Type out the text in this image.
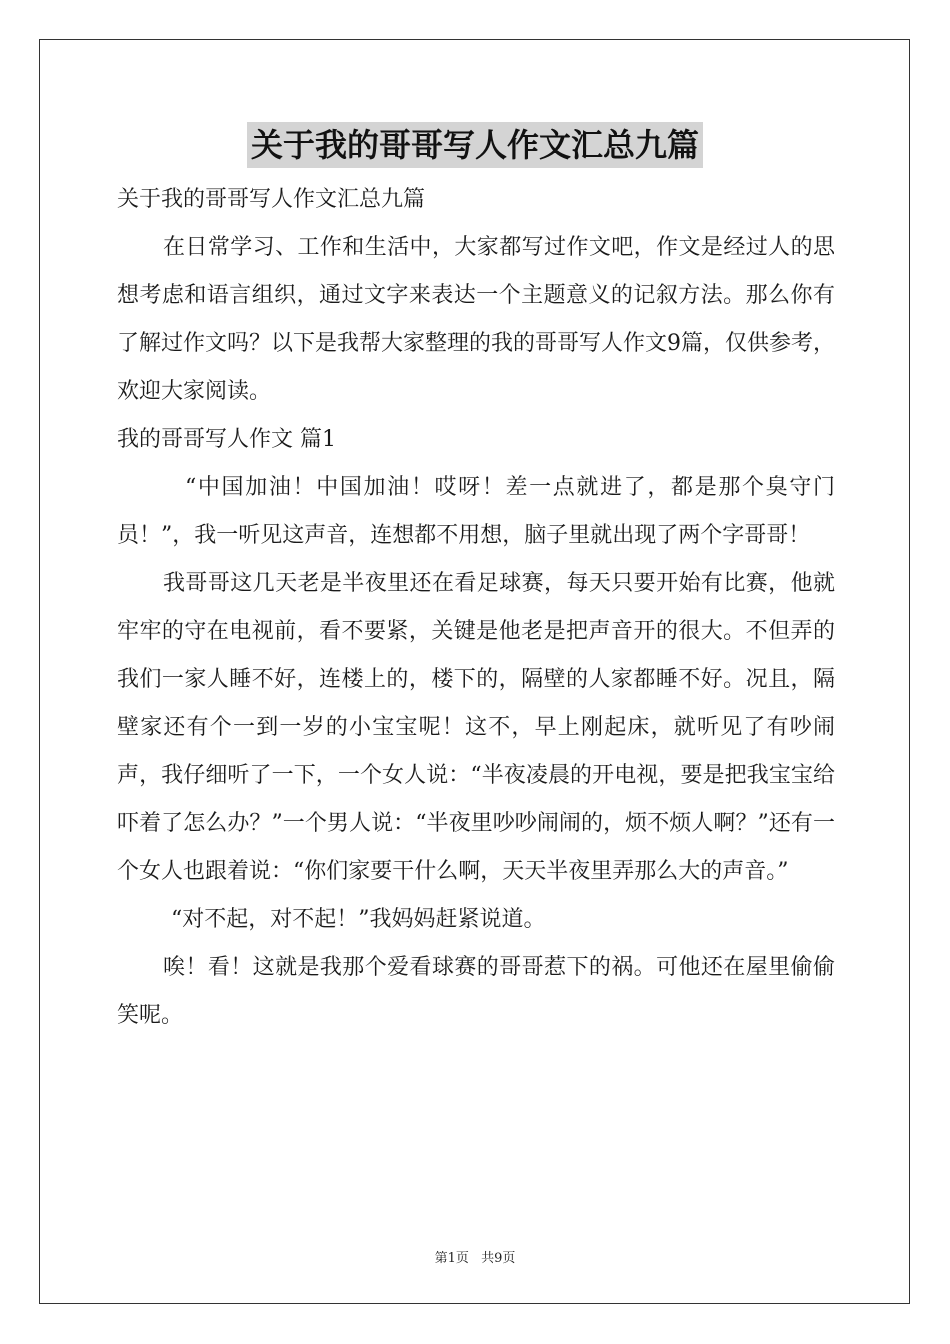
关于我的哥哥写人作文汇总九篇

关于我的哥哥写人作文汇总九篇

在日常学习、工作和生活中，大家都写过作文吧，作文是经过人的思想考虑和语言组织，通过文字来表达一个主题意义的记叙方法。那么你有了解过作文吗？以下是我帮大家整理的我的哥哥写人作文9篇，仅供参考，欢迎大家阅读。

我的哥哥写人作文 篇1

“中国加油！中国加油！哎呀！差一点就进了，都是那个臭守门员！”，我一听见这声音，连想都不用想，脑子里就出现了两个字哥哥！

我哥哥这几天老是半夜里还在看足球赛，每天只要开始有比赛，他就牢牢的守在电视前，看不要紧，关键是他老是把声音开的很大。不但弄的我们一家人睡不好，连楼上的，楼下的，隔壁的人家都睡不好。况且，隔壁家还有个一到一岁的小宝宝呢！这不，早上刚起床，就听见了有吵闹声，我仔细听了一下，一个女人说：“半夜凌晨的开电视，要是把我宝宝给吓着了怎么办？”一个男人说：“半夜里吵吵闹闹的，烦不烦人啊？”还有一个女人也跟着说：“你们家要干什么啊，天天半夜里弄那么大的声音。”

“对不起，对不起！”我妈妈赶紧说道。

唉！看！这就是我那个爱看球赛的哥哥惹下的祸。可他还在屋里偷偷笑呢。

第1页 共9页
